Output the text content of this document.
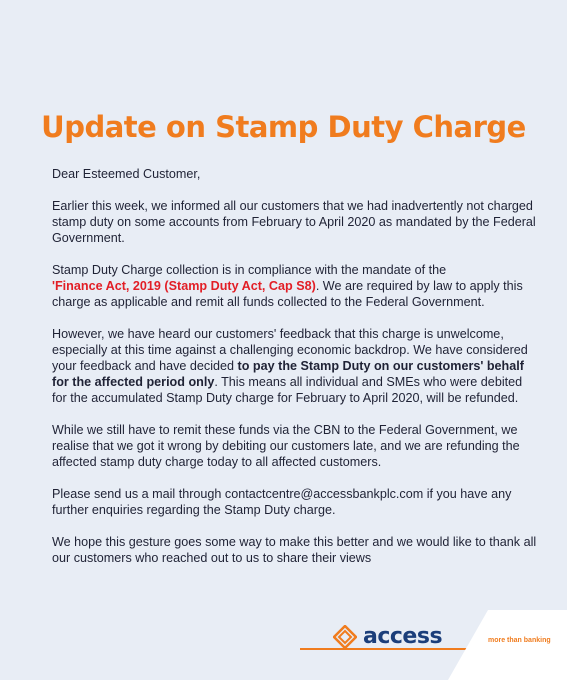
Update on Stamp Duty Charge

Dear Esteemed Customer,

Earlier this week, we informed all our customers that we had inadvertently not charged stamp duty on some accounts from February to April 2020 as mandated by the Federal Government.

Stamp Duty Charge collection is in compliance with the mandate of the
'Finance Act, 2019 (Stamp Duty Act, Cap S8). We are required by law to apply this charge as applicable and remit all funds collected to the Federal Government.

However, we have heard our customers' feedback that this charge is unwelcome, especially at this time against a challenging economic backdrop. We have considered your feedback and have decided to pay the Stamp Duty on our customers' behalf for the affected period only. This means all individual and SMEs who were debited for the accumulated Stamp Duty charge for February to April 2020, will be refunded.

While we still have to remit these funds via the CBN to the Federal Government, we realise that we got it wrong by debiting our customers late, and we are refunding the affected stamp duty charge today to all affected customers.

Please send us a mail through contactcentre@accessbankplc.com if you have any further enquiries regarding the Stamp Duty charge.

We hope this gesture goes some way to make this better and we would like to thank all our customers who reached out to us to share their views

access	more than banking
